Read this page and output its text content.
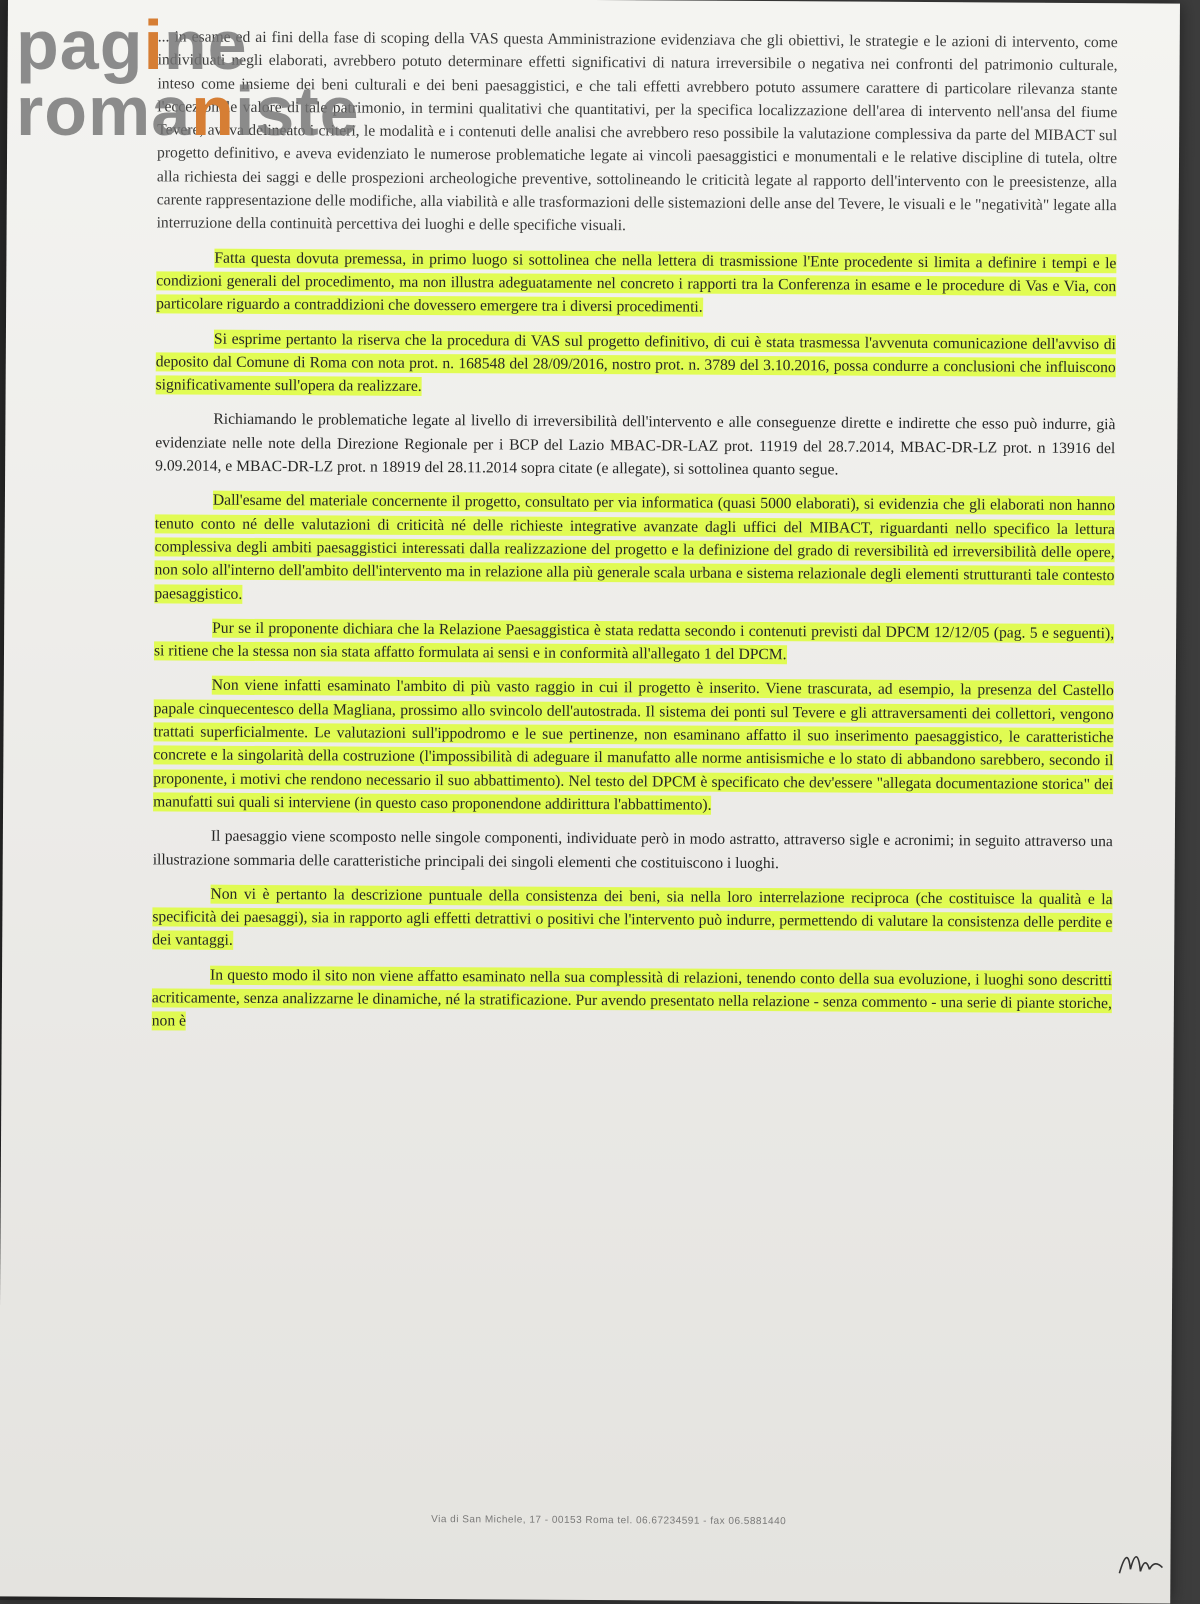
... in esame ed ai fini della fase di scoping della VAS questa Amministrazione evidenziava che gli obiettivi, le strategie e le azioni di intervento, come individuati negli elaborati, avrebbero potuto determinare effetti significativi di natura irreversibile o negativa nei confronti del patrimonio culturale, inteso come insieme dei beni culturali e dei beni paesaggistici, e che tali effetti avrebbero potuto assumere carattere di particolare rilevanza stante l'eccezionale valore di tale patrimonio, in termini qualitativi che quantitativi, per la specifica localizzazione dell'area di intervento nell'ansa del fiume Tevere, aveva delineato i criteri, le modalità e i contenuti delle analisi che avrebbero reso possibile la valutazione complessiva da parte del MIBACT sul progetto definitivo, e aveva evidenziato le numerose problematiche legate ai vincoli paesaggistici e monumentali e le relative discipline di tutela, oltre alla richiesta dei saggi e delle prospezioni archeologiche preventive, sottolineando le criticità legate al rapporto dell'intervento con le preesistenze, alla carente rappresentazione delle modifiche, alla viabilità e alle trasformazioni delle sistemazioni delle anse del Tevere, le visuali e le "negatività" legate alla interruzione della continuità percettiva dei luoghi e delle specifiche visuali.

Fatta questa dovuta premessa, in primo luogo si sottolinea che nella lettera di trasmissione l'Ente procedente si limita a definire i tempi e le condizioni generali del procedimento, ma non illustra adeguatamente nel concreto i rapporti tra la Conferenza in esame e le procedure di Vas e Via, con particolare riguardo a contraddizioni che dovessero emergere tra i diversi procedimenti.

Si esprime pertanto la riserva che la procedura di VAS sul progetto definitivo, di cui è stata trasmessa l'avvenuta comunicazione dell'avviso di deposito dal Comune di Roma con nota prot. n. 168548 del 28/09/2016, nostro prot. n. 3789 del 3.10.2016, possa condurre a conclusioni che influiscono significativamente sull'opera da realizzare.

Richiamando le problematiche legate al livello di irreversibilità dell'intervento e alle conseguenze dirette e indirette che esso può indurre, già evidenziate nelle note della Direzione Regionale per i BCP del Lazio MBAC-DR-LAZ prot. 11919 del 28.7.2014, MBAC-DR-LZ prot. n 13916 del 9.09.2014, e MBAC-DR-LZ prot. n 18919 del 28.11.2014 sopra citate (e allegate), si sottolinea quanto segue.

Dall'esame del materiale concernente il progetto, consultato per via informatica (quasi 5000 elaborati), si evidenzia che gli elaborati non hanno tenuto conto né delle valutazioni di criticità né delle richieste integrative avanzate dagli uffici del MIBACT, riguardanti nello specifico la lettura complessiva degli ambiti paesaggistici interessati dalla realizzazione del progetto e la definizione del grado di reversibilità ed irreversibilità delle opere, non solo all'interno dell'ambito dell'intervento ma in relazione alla più generale scala urbana e sistema relazionale degli elementi strutturanti tale contesto paesaggistico.

Pur se il proponente dichiara che la Relazione Paesaggistica è stata redatta secondo i contenuti previsti dal DPCM 12/12/05 (pag. 5 e seguenti), si ritiene che la stessa non sia stata affatto formulata ai sensi e in conformità all'allegato 1 del DPCM.

Non viene infatti esaminato l'ambito di più vasto raggio in cui il progetto è inserito. Viene trascurata, ad esempio, la presenza del Castello papale cinquecentesco della Magliana, prossimo allo svincolo dell'autostrada. Il sistema dei ponti sul Tevere e gli attraversamenti dei collettori, vengono trattati superficialmente. Le valutazioni sull'ippodromo e le sue pertinenze, non esaminano affatto il suo inserimento paesaggistico, le caratteristiche concrete e la singolarità della costruzione (l'impossibilità di adeguare il manufatto alle norme antisismiche e lo stato di abbandono sarebbero, secondo il proponente, i motivi che rendono necessario il suo abbattimento). Nel testo del DPCM è specificato che dev'essere "allegata documentazione storica" dei manufatti sui quali si interviene (in questo caso proponendone addirittura l'abbattimento).

Il paesaggio viene scomposto nelle singole componenti, individuate però in modo astratto, attraverso sigle e acronimi; in seguito attraverso una illustrazione sommaria delle caratteristiche principali dei singoli elementi che costituiscono i luoghi.

Non vi è pertanto la descrizione puntuale della consistenza dei beni, sia nella loro interrelazione reciproca (che costituisce la qualità e la specificità dei paesaggi), sia in rapporto agli effetti detrattivi o positivi che l'intervento può indurre, permettendo di valutare la consistenza delle perdite e dei vantaggi.

In questo modo il sito non viene affatto esaminato nella sua complessità di relazioni, tenendo conto della sua evoluzione, i luoghi sono descritti acriticamente, senza analizzarne le dinamiche, né la stratificazione. Pur avendo presentato nella relazione - senza commento - una serie di piante storiche, non è

Via di San Michele, 17 - 00153 Roma tel. 06.67234591 - fax 06.5881440
pagine
romaniste
